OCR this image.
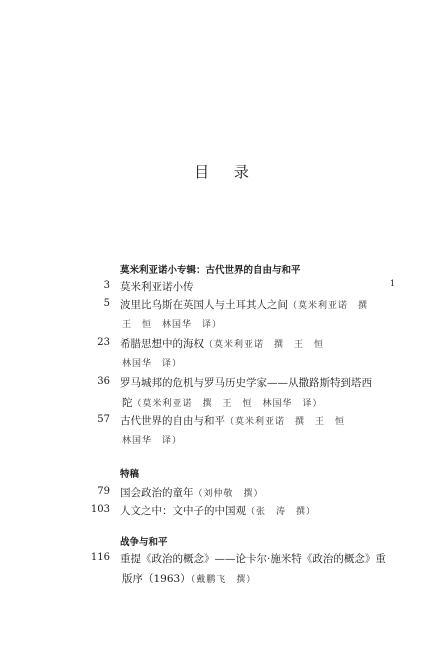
目 录
1
莫米利亚诺小专辑：古代世界的自由与和平
3 莫米利亚诺小传
5 波里比乌斯在英国人与土耳其人之间（莫米利亚诺　撰
王　恒　林国华　译）
23 希腊思想中的海权（莫米利亚诺　撰　王　恒
林国华　译）
36 罗马城邦的危机与罗马历史学家——从撒路斯特到塔西
陀（莫米利亚诺　撰　王　恒　林国华　译）
57 古代世界的自由与和平（莫米利亚诺　撰　王　恒
林国华　译）
特稿
79 国会政治的童年（刘仲敬　撰）
103 人文之中：文中子的中国观（张　涛　撰）
战争与和平
116 重提《政治的概念》——论卡尔·施米特《政治的概念》重
版序（1963）（戴鹏飞　撰）
